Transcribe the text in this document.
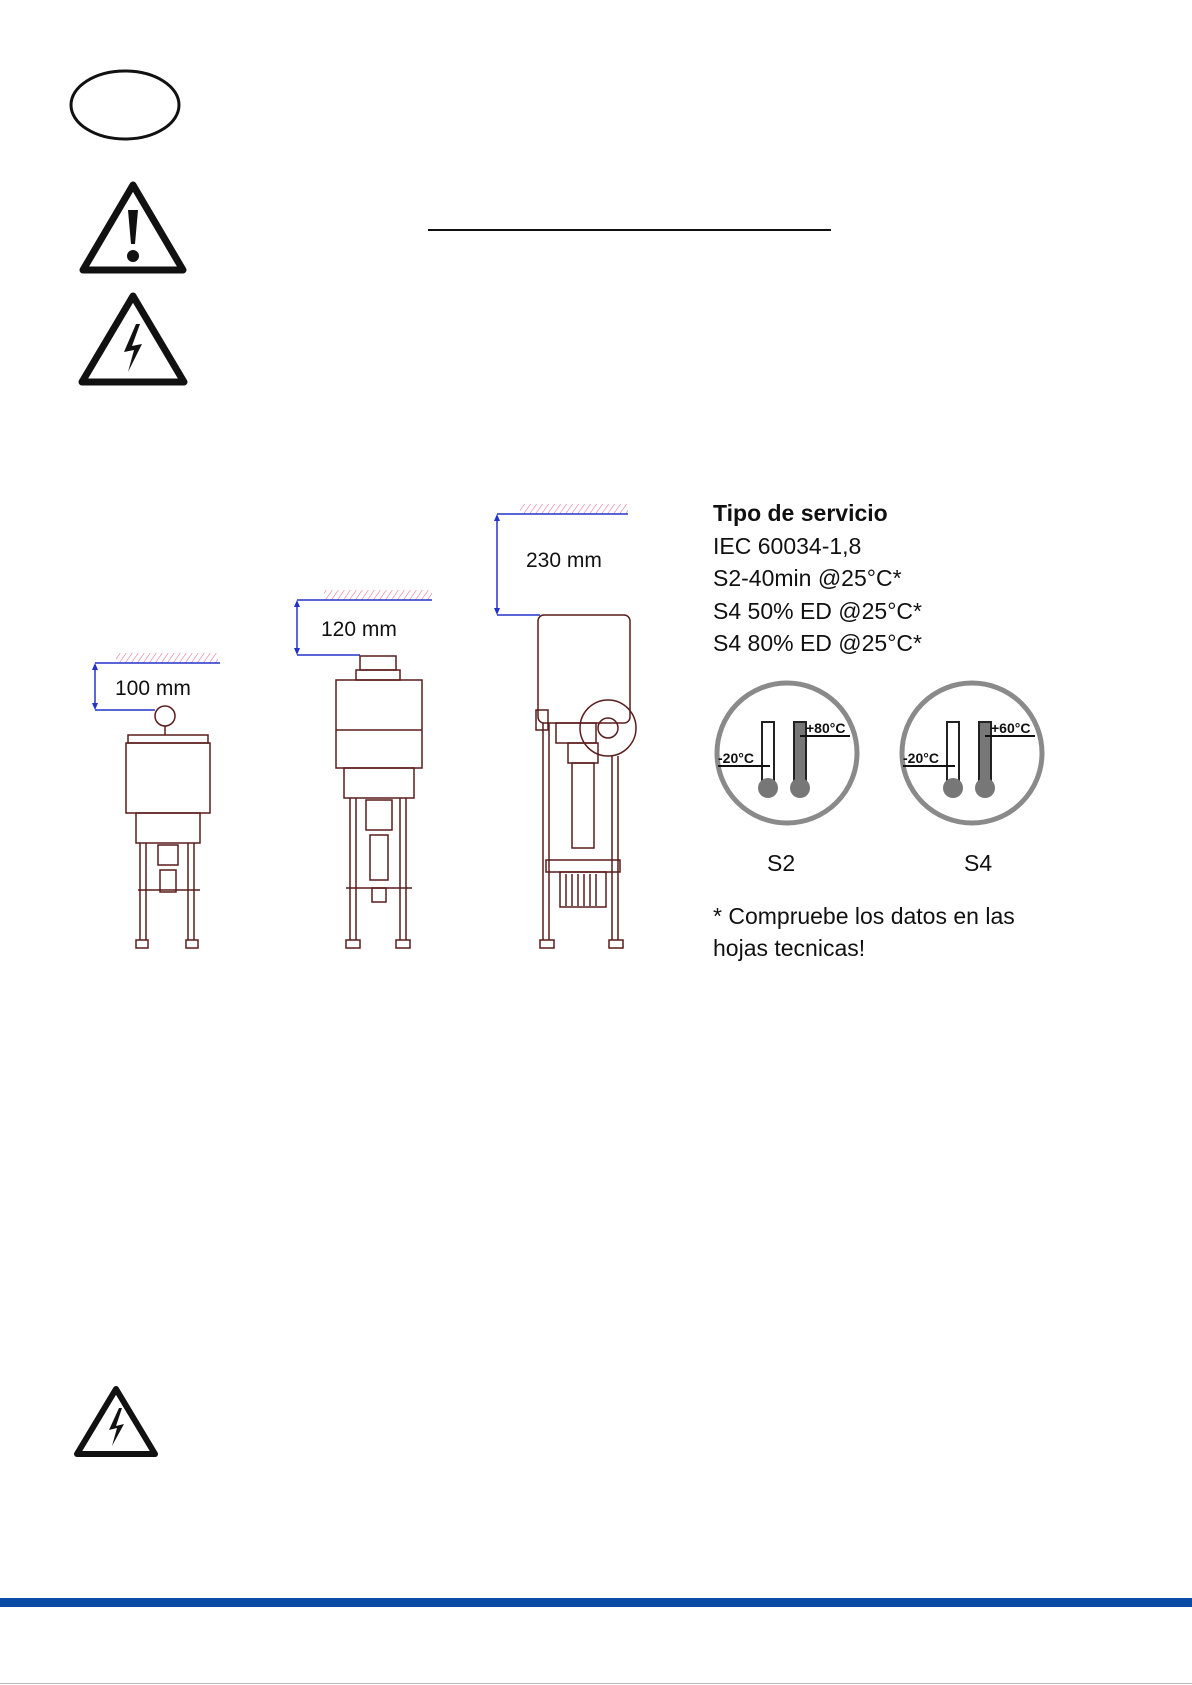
100 mm
120 mm
230 mm
Tipo de servicio
IEC 60034-1,8
S2-40min @25°C*
S4 50% ED @25°C*
S4 80% ED @25°C*
-20°C
+80°C
-20°C
+60°C
S2	S4
* Compruebe los datos en las hojas tecnicas!
